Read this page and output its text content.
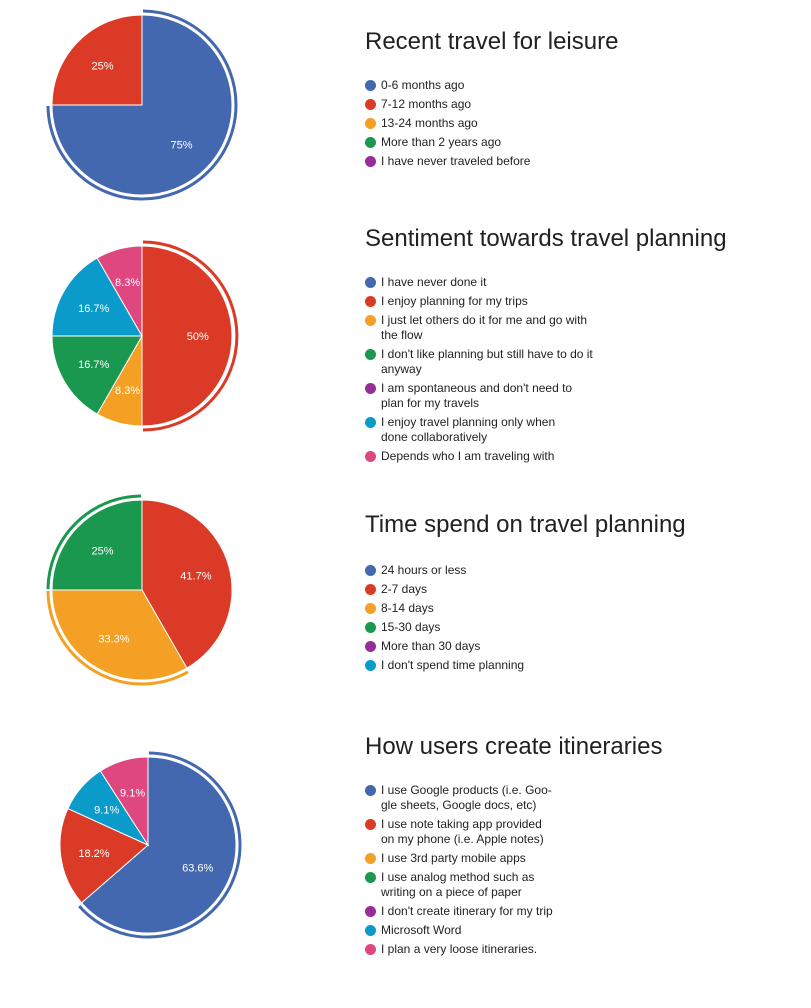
75%
25%
Recent travel for leisure
0-6 months ago
7-12 months ago
13-24 months ago
More than 2 years ago
I have never traveled before
50%
8.3%
16.7%
16.7%
8.3%
Sentiment towards travel planning
I have never done it
I enjoy planning for my trips
I just let others do it for me and go with
the flow
I don't like planning but still have to do it
anyway
I am spontaneous and don't need to
plan for my travels
I enjoy travel planning only when
done collaboratively
Depends who I am traveling with
41.7%
33.3%
25%
Time spend on travel planning
24 hours or less
2-7 days
8-14 days
15-30 days
More than 30 days
I don't spend time planning
63.6%
18.2%
9.1%
9.1%
How users create itineraries
I use Google products (i.e. Goo-
gle sheets, Google docs, etc)
I use note taking app provided
on my phone (i.e. Apple notes)
I use 3rd party mobile apps
I use analog method such as
writing on a piece of paper
I don't create itinerary for my trip
Microsoft Word
I plan a very loose itineraries.
